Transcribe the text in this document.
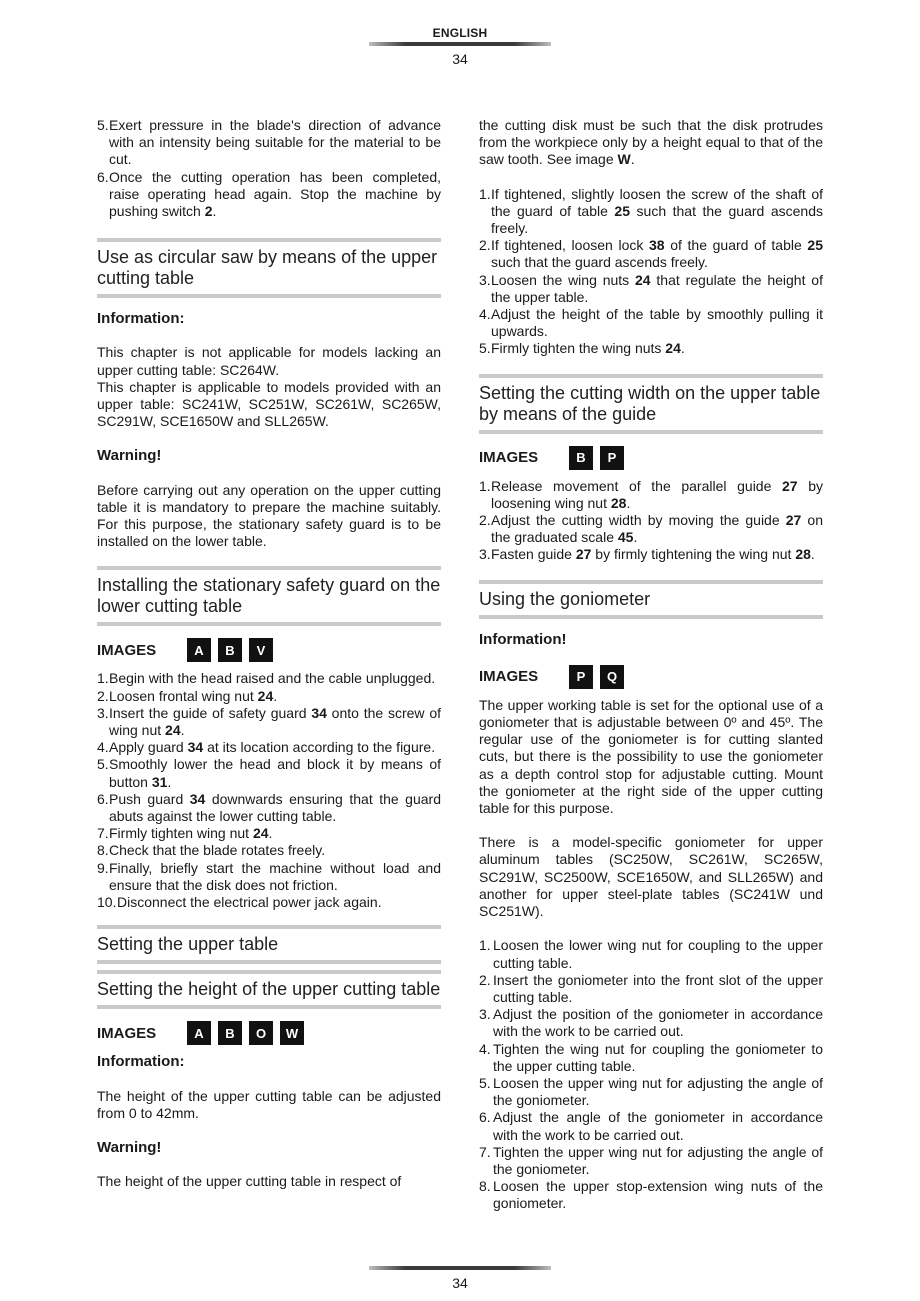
ENGLISH
34
5. Exert pressure in the blade's direction of advance with an intensity being suitable for the material to be cut.
6. Once the cutting operation has been completed, raise operating head again. Stop the machine by pushing switch 2.
Use as circular saw by means of the upper cutting table

Information:

This chapter is not applicable for models lacking an upper cutting table: SC264W.

This chapter is applicable to models provided with an upper table: SC241W, SC251W, SC261W, SC265W, SC291W, SCE1650W and SLL265W.

Warning!

Before carrying out any operation on the upper cutting table it is mandatory to prepare the machine suitably. For this purpose, the stationary safety guard is to be installed on the lower table.

Installing the stationary safety guard on the lower cutting table
IMAGES	A	B	V
1. Begin with the head raised and the cable unplugged.
2. Loosen frontal wing nut 24.
3. Insert the guide of safety guard 34 onto the screw of wing nut 24.
4. Apply guard 34 at its location according to the figure.
5. Smoothly lower the head and block it by means of button 31.
6. Push guard 34 downwards ensuring that the guard abuts against the lower cutting table.
7. Firmly tighten wing nut 24.
8. Check that the blade rotates freely.
9. Finally, briefly start the machine without load and ensure that the disk does not friction.
10. Disconnect the electrical power jack again.
Setting the upper table
Setting the height of the upper cutting table
IMAGES	A	B	O	W

Information:

The height of the upper cutting table can be adjusted from 0 to 42mm.

Warning!

The height of the upper cutting table in respect of

the cutting disk must be such that the disk protrudes from the workpiece only by a height equal to that of the saw tooth. See image W.

1. If tightened, slightly loosen the screw of the shaft of the guard of table 25 such that the guard ascends freely.
2. If tightened, loosen lock 38 of the guard of table 25 such that the guard ascends freely.
3. Loosen the wing nuts 24 that regulate the height of the upper table.
4. Adjust the height of the table by smoothly pulling it upwards.
5. Firmly tighten the wing nuts 24.
Setting the cutting width on the upper table by means of the guide
IMAGES	B	P
1. Release movement of the parallel guide 27 by loosening wing nut 28.
2. Adjust the cutting width by moving the guide 27 on the graduated scale 45.
3. Fasten guide 27 by firmly tightening the wing nut 28.
Using the goniometer

Information!

IMAGES	P	Q

The upper working table is set for the optional use of a goniometer that is adjustable between 0º and 45º. The regular use of the goniometer is for cutting slanted cuts, but there is the possibility to use the goniometer as a depth control stop for adjustable cutting. Mount the goniometer at the right side of the upper cutting table for this purpose.

There is a model-specific goniometer for upper aluminum tables (SC250W, SC261W, SC265W, SC291W, SC2500W, SCE1650W, and SLL265W) and another for upper steel-plate tables (SC241W und SC251W).

1. Loosen the lower wing nut for coupling to the upper cutting table.
2. Insert the goniometer into the front slot of the upper cutting table.
3. Adjust the position of the goniometer in accordance with the work to be carried out.
4. Tighten the wing nut for coupling the goniometer to the upper cutting table.
5. Loosen the upper wing nut for adjusting the angle of the goniometer.
6. Adjust the angle of the goniometer in accordance with the work to be carried out.
7. Tighten the upper wing nut for adjusting the angle of the goniometer.
8. Loosen the upper stop-extension wing nuts of the goniometer.
34
